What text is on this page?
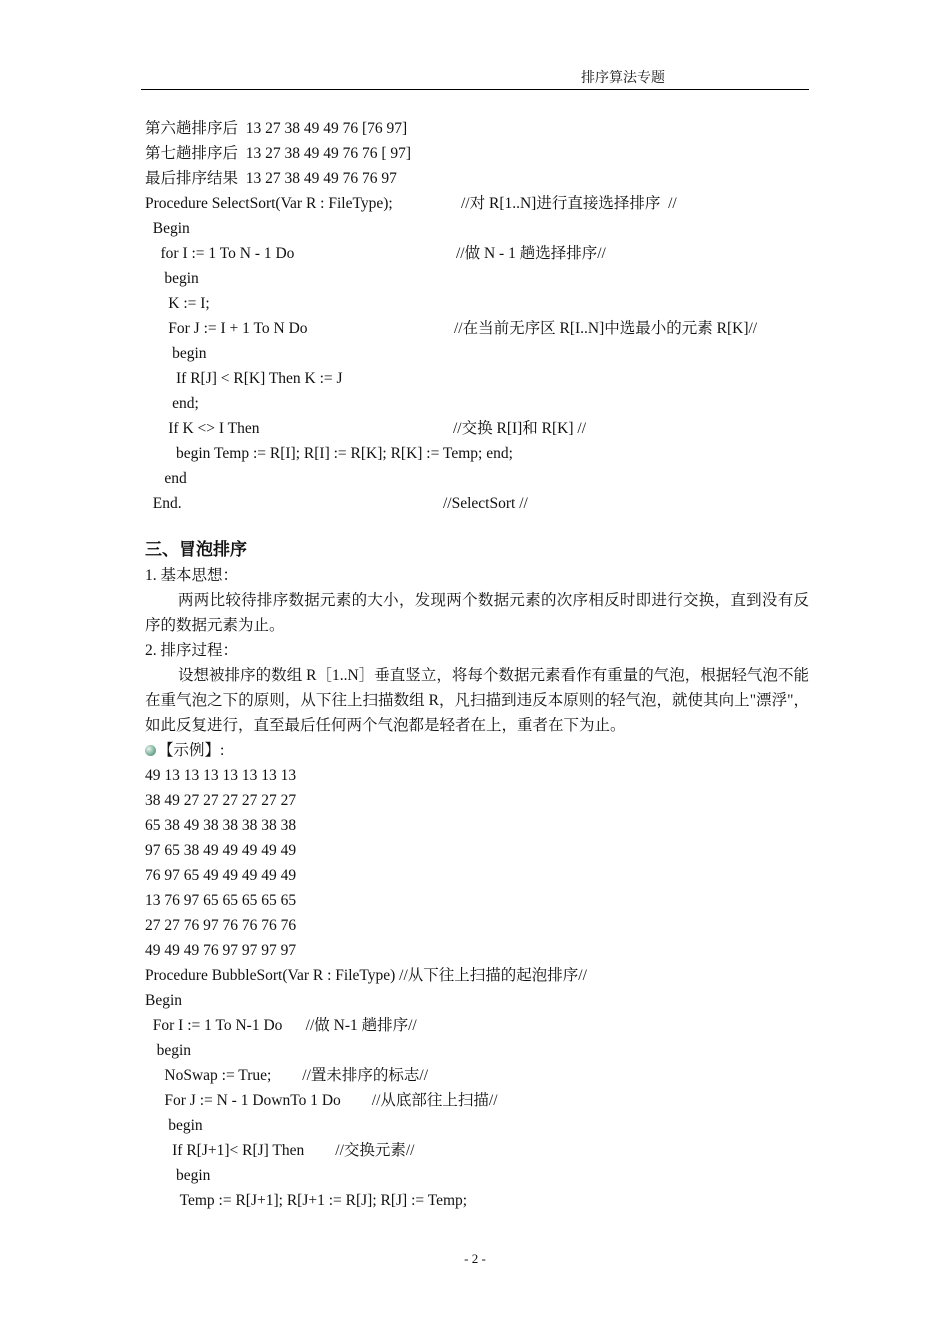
排序算法专题
第六趟排序后  13 27 38 49 49 76 [76 97]
第七趟排序后  13 27 38 49 49 76 76 [ 97]
最后排序结果  13 27 38 49 49 76 76 97
Procedure SelectSort(Var R : FileType);	//对 R[1..N]进行直接选择排序  //
Begin
for I := 1 To N - 1 Do	//做 N - 1 趟选择排序//
begin
K := I;
For J := I + 1 To N Do	//在当前无序区 R[I..N]中选最小的元素 R[K]//
begin
If R[J] < R[K] Then K := J
end;
If K <> I Then	//交换 R[I]和 R[K] //
begin Temp := R[I]; R[I] := R[K]; R[K] := Temp; end;
end
End.	//SelectSort //
三、冒泡排序
1. 基本思想：
两两比较待排序数据元素的大小，发现两个数据元素的次序相反时即进行交换，直到没有反序的数据元素为止。
2. 排序过程：
设想被排序的数组 R［1..N］垂直竖立，将每个数据元素看作有重量的气泡，根据轻气泡不能在重气泡之下的原则，从下往上扫描数组 R，凡扫描到违反本原则的轻气泡，就使其向上"漂浮"，如此反复进行，直至最后任何两个气泡都是轻者在上，重者在下为止。
【示例】:
49 13 13 13 13 13 13 13
38 49 27 27 27 27 27 27
65 38 49 38 38 38 38 38
97 65 38 49 49 49 49 49
76 97 65 49 49 49 49 49
13 76 97 65 65 65 65 65
27 27 76 97 76 76 76 76
49 49 49 76 97 97 97 97
Procedure BubbleSort(Var R : FileType) //从下往上扫描的起泡排序//
Begin
For I := 1 To N-1 Do      //做 N-1 趟排序//
begin
NoSwap := True;        //置未排序的标志//
For J := N - 1 DownTo 1 Do        //从底部往上扫描//
begin
If R[J+1]< R[J] Then        //交换元素//
begin
Temp := R[J+1]; R[J+1 := R[J]; R[J] := Temp;
- 2 -
